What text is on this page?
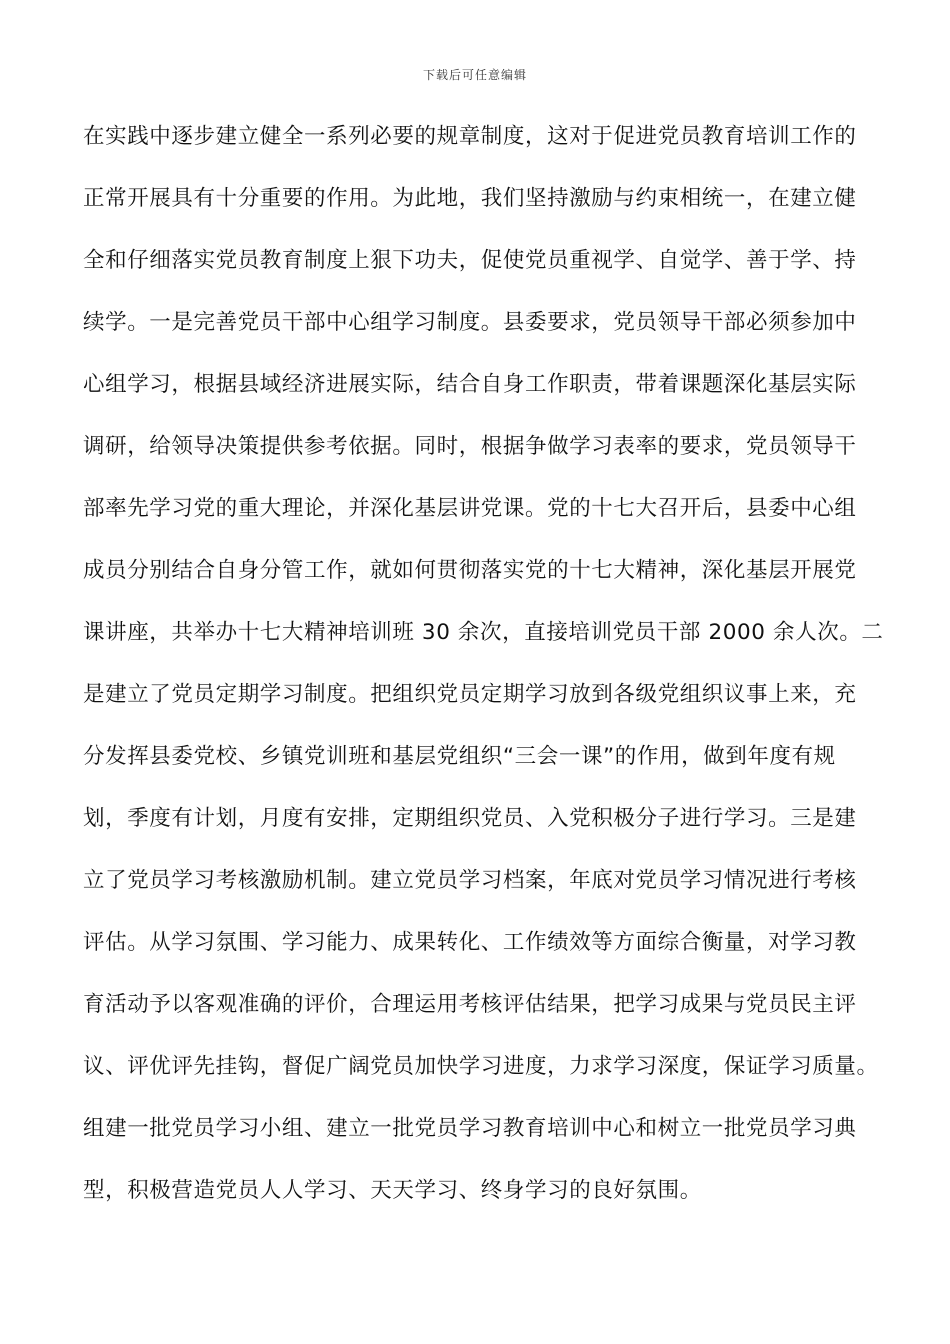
下载后可任意编辑
在实践中逐步建立健全一系列必要的规章制度，这对于促进党员教育培训工作的
正常开展具有十分重要的作用。为此地，我们坚持激励与约束相统一，在建立健
全和仔细落实党员教育制度上狠下功夫，促使党员重视学、自觉学、善于学、持
续学。一是完善党员干部中心组学习制度。县委要求，党员领导干部必须参加中
心组学习，根据县域经济进展实际，结合自身工作职责，带着课题深化基层实际
调研，给领导决策提供参考依据。同时，根据争做学习表率的要求，党员领导干
部率先学习党的重大理论，并深化基层讲党课。党的十七大召开后，县委中心组
成员分别结合自身分管工作，就如何贯彻落实党的十七大精神，深化基层开展党
课讲座，共举办十七大精神培训班 30 余次，直接培训党员干部 2000 余人次。二
是建立了党员定期学习制度。把组织党员定期学习放到各级党组织议事上来，充
分发挥县委党校、乡镇党训班和基层党组织“三会一课”的作用，做到年度有规
划，季度有计划，月度有安排，定期组织党员、入党积极分子进行学习。三是建
立了党员学习考核激励机制。建立党员学习档案，年底对党员学习情况进行考核
评估。从学习氛围、学习能力、成果转化、工作绩效等方面综合衡量，对学习教
育活动予以客观准确的评价，合理运用考核评估结果，把学习成果与党员民主评
议、评优评先挂钩，督促广阔党员加快学习进度，力求学习深度，保证学习质量。
组建一批党员学习小组、建立一批党员学习教育培训中心和树立一批党员学习典
型，积极营造党员人人学习、天天学习、终身学习的良好氛围。
